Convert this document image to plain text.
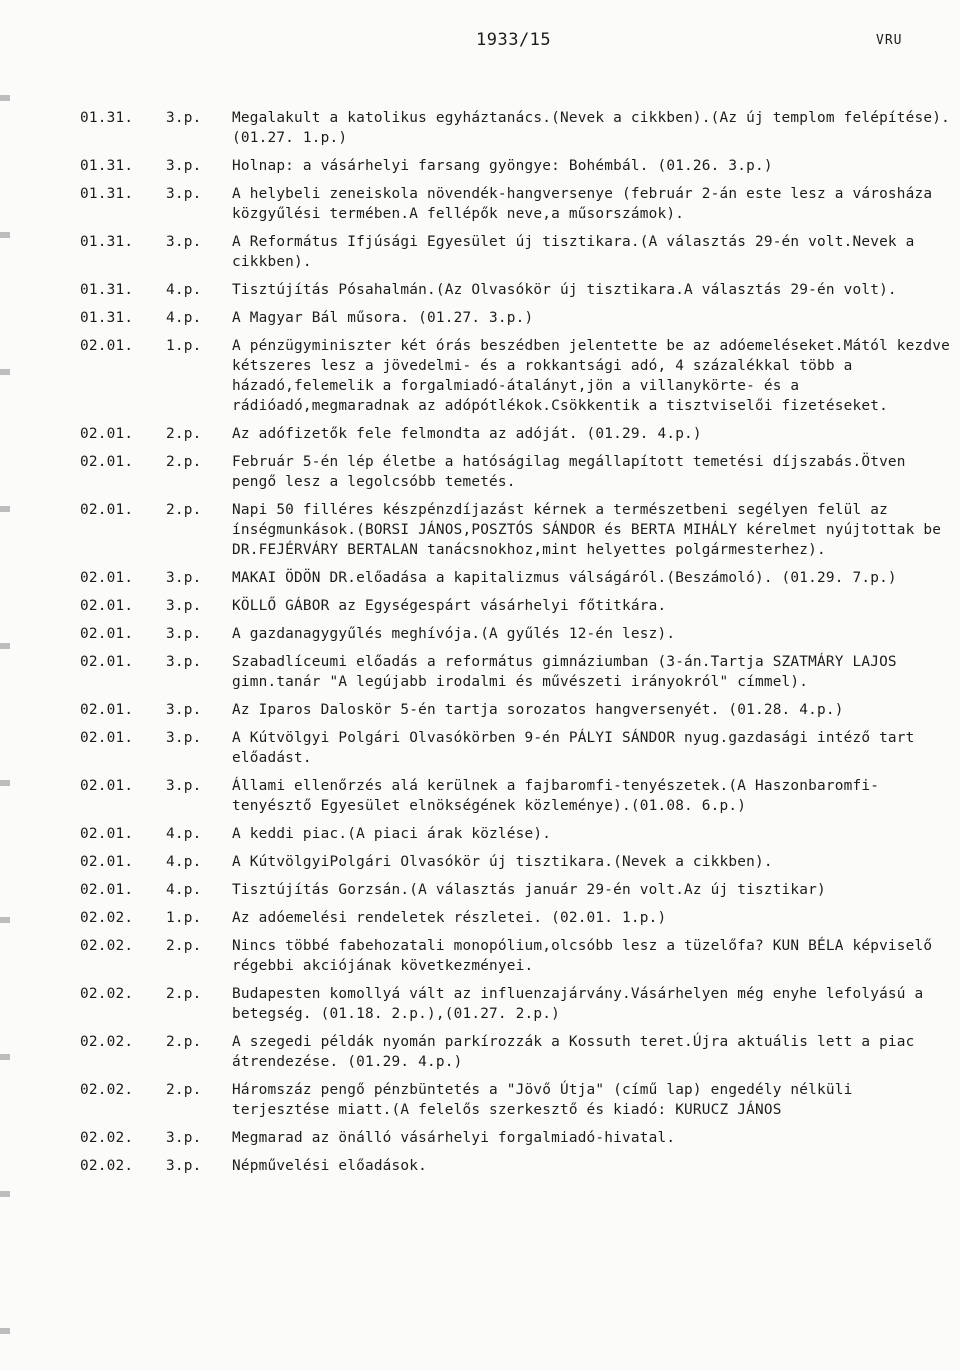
1933/15	VRU
01.31.	3.p.	Megalakult a katolikus egyháztanács.(Nevek a cikkben).(Az új templom felépítése). (01.27. 1.p.)
01.31.	3.p.	Holnap: a vásárhelyi farsang gyöngye: Bohémbál. (01.26. 3.p.)
01.31.	3.p.	A helybeli zeneiskola növendék-hangversenye (február 2-án este lesz a városháza közgyűlési termében.A fellépők neve,a műsorszámok).
01.31.	3.p.	A Református Ifjúsági Egyesület új tisztikara.(A választás 29-én volt.Nevek a cikkben).
01.31.	4.p.	Tisztújítás Pósahalmán.(Az Olvasókör új tisztikara.A választás 29-én volt).
01.31.	4.p.	A Magyar Bál műsora. (01.27. 3.p.)
02.01.	1.p.	A pénzügyminiszter két órás beszédben jelentette be az adóemeléseket.Mától kezdve kétszeres lesz a jövedelmi- és a rokkantsági adó, 4 százalékkal több a házadó,felemelik a forgalmiadó-átalányt,jön a villanykörte- és a rádióadó,megmaradnak az adópótlékok.Csökkentik a tisztviselői fizetéseket.
02.01.	2.p.	Az adófizetők fele felmondta az adóját. (01.29. 4.p.)
02.01.	2.p.	Február 5-én lép életbe a hatóságilag megállapított temetési díjszabás.Ötven pengő lesz a legolcsóbb temetés.
02.01.	2.p.	Napi 50 filléres készpénzdíjazást kérnek a természetbeni segélyen felül az ínségmunkások.(BORSI JÁNOS,POSZTÓS SÁNDOR és BERTA MIHÁLY kérelmet nyújtottak be DR.FEJÉRVÁRY BERTALAN tanácsnokhoz,mint helyettes polgármesterhez).
02.01.	3.p.	MAKAI ÖDÖN DR.előadása a kapitalizmus válságáról.(Beszámoló). (01.29. 7.p.)
02.01.	3.p.	KÖLLŐ GÁBOR az Egységespárt vásárhelyi főtitkára.
02.01.	3.p.	A gazdanagygyűlés meghívója.(A gyűlés 12-én lesz).
02.01.	3.p.	Szabadlíceumi előadás a református gimnáziumban (3-án.Tartja SZATMÁRY LAJOS gimn.tanár "A legújabb irodalmi és művészeti irányokról" címmel).
02.01.	3.p.	Az Iparos Daloskör 5-én tartja sorozatos hangversenyét. (01.28. 4.p.)
02.01.	3.p.	A Kútvölgyi Polgári Olvasókörben 9-én PÁLYI SÁNDOR nyug.gazdasági intéző tart előadást.
02.01.	3.p.	Állami ellenőrzés alá kerülnek a fajbaromfi-tenyészetek.(A Haszonbaromfi-tenyésztő Egyesület elnökségének közleménye).(01.08. 6.p.)
02.01.	4.p.	A keddi piac.(A piaci árak közlése).
02.01.	4.p.	A KútvölgyiPolgári Olvasókör új tisztikara.(Nevek a cikkben).
02.01.	4.p.	Tisztújítás Gorzsán.(A választás január 29-én volt.Az új tisztikar)
02.02.	1.p.	Az adóemelési rendeletek részletei. (02.01. 1.p.)
02.02.	2.p.	Nincs többé fabehozatali monopólium,olcsóbb lesz a tüzelőfa? KUN BÉLA képviselő régebbi akciójának következményei.
02.02.	2.p.	Budapesten komollyá vált az influenzajárvány.Vásárhelyen még enyhe lefolyású a betegség. (01.18. 2.p.),(01.27. 2.p.)
02.02.	2.p.	A szegedi példák nyomán parkírozzák a Kossuth teret.Újra aktuális lett a piac átrendezése. (01.29. 4.p.)
02.02.	2.p.	Háromszáz pengő pénzbüntetés a "Jövő Útja" (című lap) engedély nélküli terjesztése miatt.(A felelős szerkesztő és kiadó: KURUCZ JÁNOS
02.02.	3.p.	Megmarad az önálló vásárhelyi forgalmiadó-hivatal.
02.02.	3.p.	Népművelési előadások.
